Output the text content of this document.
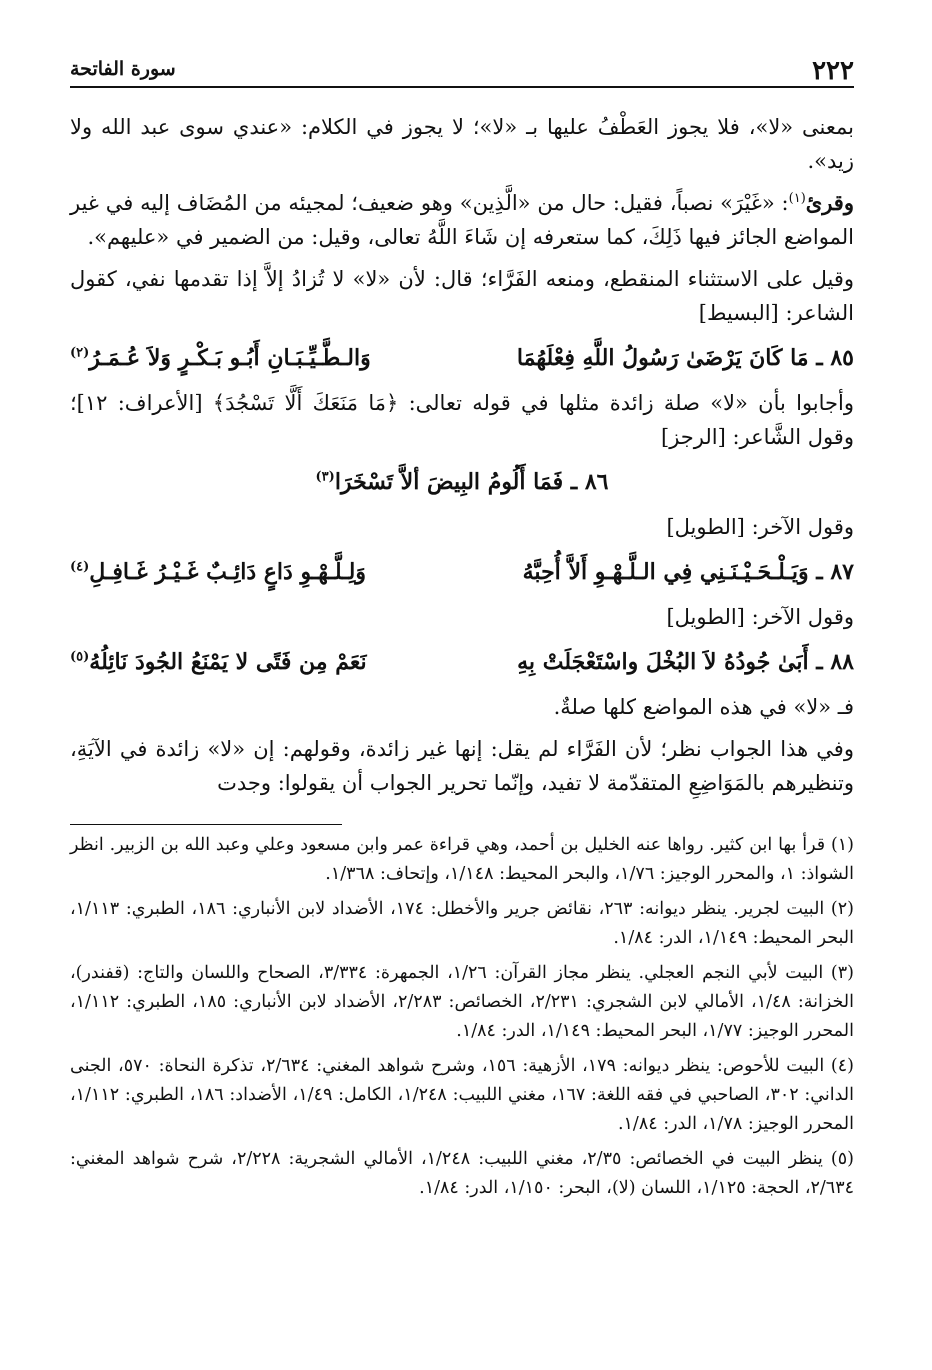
٢٢٢
سورة الفاتحة

بمعنى «لا»، فلا يجوز العَطْفُ عليها بـ «لا»؛ لا يجوز في الكلام: «عندي سوى عبد الله ولا زيد».

وقرئ$^{(١)}$: «غَيْرَ» نصباً، فقيل: حال من «الَّذِين» وهو ضعيف؛ لمجيئه من المُضَاف إليه في غير المواضع الجائز فيها ذَلِكَ، كما ستعرفه إن شَاءَ اللَّهُ تعالى، وقيل: من الضمير في «عليهم».

وقيل على الاستثناء المنقطع، ومنعه الفَرَّاء؛ قال: لأن «لا» لا تُزادُ إلاَّ إذا تقدمها نفي، كقول الشاعر: [البسيط]

٨٥ ـ مَا كَانَ يَرْضَىٰ رَسُولُ اللَّهِ فِعْلَهُمَا
وَالـطَّـيِّـبَـانِ أَبُـو بَـكْـرٍ وَلاَ عُـمَـرُ$^{(٢)}$

وأجابوا بأن «لا» صلة زائدة مثلها في قوله تعالى: ﴿مَا مَنَعَكَ أَلَّا تَسْجُدَ﴾ [الأعراف: ١٢]؛ وقول الشَّاعر: [الرجز]

٨٦ ـ فَمَا أَلُومُ البِيضَ ألاَّ تَسْخَرَا$^{(٣)}$

وقول الآخر: [الطويل]

٨٧ ـ وَيَـلْـحَـيْـنَـنِي فِي الـلَّـهْـوِ أَلاَّ أُحِبَّهُ
وَلِـلَّـهْـوِ دَاعٍ دَائِـبٌ غَـيْـرُ غَـافِـلِ$^{(٤)}$

وقول الآخر: [الطويل]

٨٨ ـ أَبَىٰ جُودُهُ لاَ البُخْلَ واسْتَعْجَلَتْ بِهِ
نَعَمْ مِن فَتًى لا يَمْنَعُ الجُودَ نَائِلُهُ$^{(٥)}$

فـ «لا» في هذه المواضع كلها صلةٌ.

وفي هذا الجواب نظر؛ لأن الفَرَّاء لم يقل: إنها غير زائدة، وقولهم: إن «لا» زائدة في الآيَةِ، وتنظيرهم بالمَوَاضِعِ المتقدّمة لا تفيد، وإنّما تحرير الجواب أن يقولوا: وجدت

(١) قرأ بها ابن كثير. رواها عنه الخليل بن أحمد، وهي قراءة عمر وابن مسعود وعلي وعبد الله بن الزبير. انظر الشواذ: ١، والمحرر الوجيز: ١/٧٦، والبحر المحيط: ١/١٤٨، وإتحاف: ١/٣٦٨.

(٢) البيت لجرير. ينظر ديوانه: ٢٦٣، نقائض جرير والأخطل: ١٧٤، الأضداد لابن الأنباري: ١٨٦، الطبري: ١/١١٣، البحر المحيط: ١/١٤٩، الدر: ١/٨٤.

(٣) البيت لأبي النجم العجلي. ينظر مجاز القرآن: ١/٢٦، الجمهرة: ٣/٣٣٤، الصحاح واللسان والتاج: (قفندر)، الخزانة: ١/٤٨، الأمالي لابن الشجري: ٢/٢٣١، الخصائص: ٢/٢٨٣، الأضداد لابن الأنباري: ١٨٥، الطبري: ١/١١٢، المحرر الوجيز: ١/٧٧، البحر المحيط: ١/١٤٩، الدر: ١/٨٤.

(٤) البيت للأحوص: ينظر ديوانه: ١٧٩، الأزهية: ١٥٦، وشرح شواهد المغني: ٢/٦٣٤، تذكرة النحاة: ٥٧٠، الجنى الداني: ٣٠٢، الصاحبي في فقه اللغة: ١٦٧، مغني اللبيب: ١/٢٤٨، الكامل: ١/٤٩، الأضداد: ١٨٦، الطبري: ١/١١٢، المحرر الوجيز: ١/٧٨، الدر: ١/٨٤.

(٥) ينظر البيت في الخصائص: ٢/٣٥، مغني اللبيب: ١/٢٤٨، الأمالي الشجرية: ٢/٢٢٨، شرح شواهد المغني: ٢/٦٣٤، الحجة: ١/١٢٥، اللسان (لا)، البحر: ١/١٥٠، الدر: ١/٨٤.
